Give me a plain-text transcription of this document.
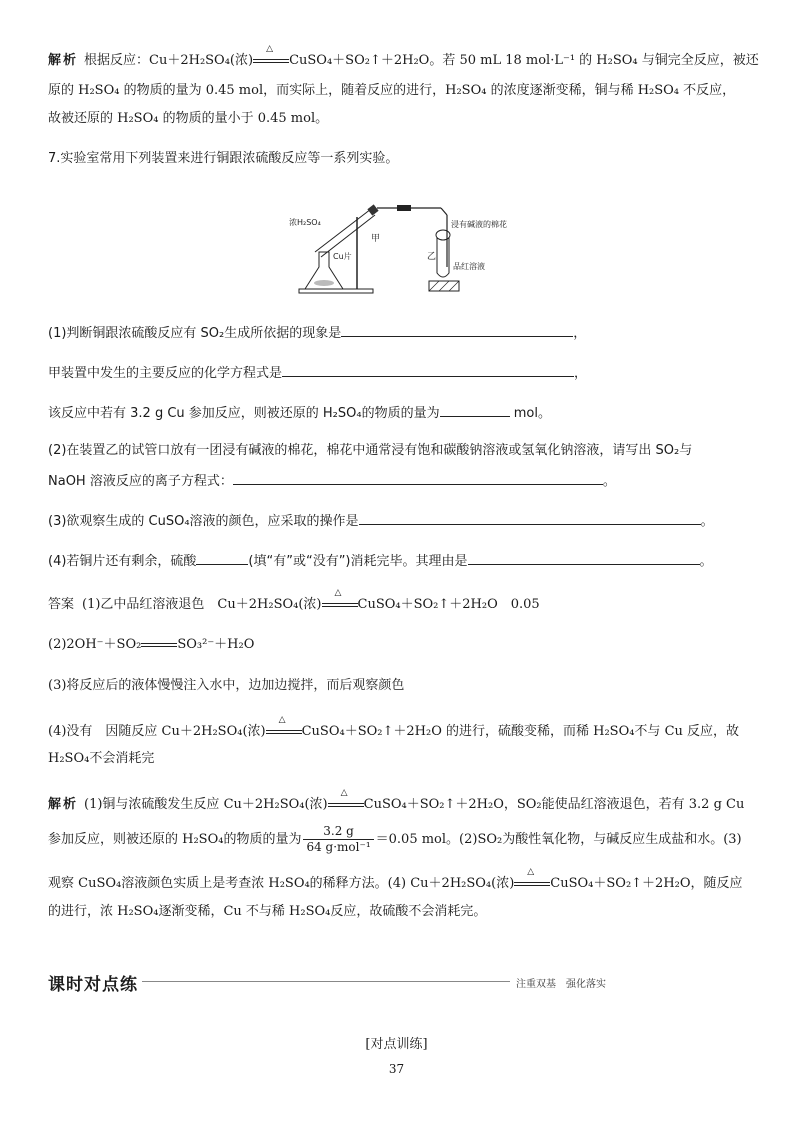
解析 根据反应：Cu＋2H₂SO₄(浓)
△
CuSO₄＋SO₂↑＋2H₂O。若 50 mL 18 mol·L⁻¹ 的 H₂SO₄ 与铜完全反应，被还
原的 H₂SO₄ 的物质的量为 0.45 mol，而实际上，随着反应的进行，H₂SO₄ 的浓度逐渐变稀，铜与稀 H₂SO₄ 不反应，
故被还原的 H₂SO₄ 的物质的量小于 0.45 mol。
7.实验室常用下列装置来进行铜跟浓硫酸反应等一系列实验。
浓H₂SO₄
甲
Cu片
浸有碱液的棉花
乙
品红溶液
(1)判断铜跟浓硫酸反应有 SO₂生成所依据的现象是	，
甲装置中发生的主要反应的化学方程式是	，
该反应中若有 3.2 g Cu 参加反应，则被还原的 H₂SO₄的物质的量为	mol。
(2)在装置乙的试管口放有一团浸有碱液的棉花，棉花中通常浸有饱和碳酸钠溶液或氢氧化钠溶液，请写出 SO₂与
NaOH 溶液反应的离子方程式：	。
(3)欲观察生成的 CuSO₄溶液的颜色，应采取的操作是	。
(4)若铜片还有剩余，硫酸	(填“有”或“没有”)消耗完毕。其理由是	。
答案 (1)乙中品红溶液退色　Cu＋2H₂SO₄(浓)
△
CuSO₄＋SO₂↑＋2H₂O　0.05
(2)2OH⁻＋SO₂	SO₃²⁻＋H₂O
(3)将反应后的液体慢慢注入水中，边加边搅拌，而后观察颜色
(4)没有　因随反应 Cu＋2H₂SO₄(浓)
△
CuSO₄＋SO₂↑＋2H₂O 的进行，硫酸变稀，而稀 H₂SO₄不与 Cu 反应，故
H₂SO₄不会消耗完
解析 (1)铜与浓硫酸发生反应 Cu＋2H₂SO₄(浓)
△
CuSO₄＋SO₂↑＋2H₂O，SO₂能使品红溶液退色，若有 3.2 g Cu
参加反应，则被还原的 H₂SO₄的物质的量为 $\frac{3.2 g}{\text{64 g·mol⁻¹}} =0.05$ mol。(2)SO₂为酸性氧化物，与碱反应生成盐和水。(3)
观察 CuSO₄溶液颜色实质上是考查浓 H₂SO₄的稀释方法。(4) Cu＋2H₂SO₄(浓)
△
CuSO₄＋SO₂↑＋2H₂O，随反应
的进行，浓 H₂SO₄逐渐变稀，Cu 不与稀 H₂SO₄反应，故硫酸不会消耗完。
课时对点练	注重双基　强化落实
[对点训练]
37
